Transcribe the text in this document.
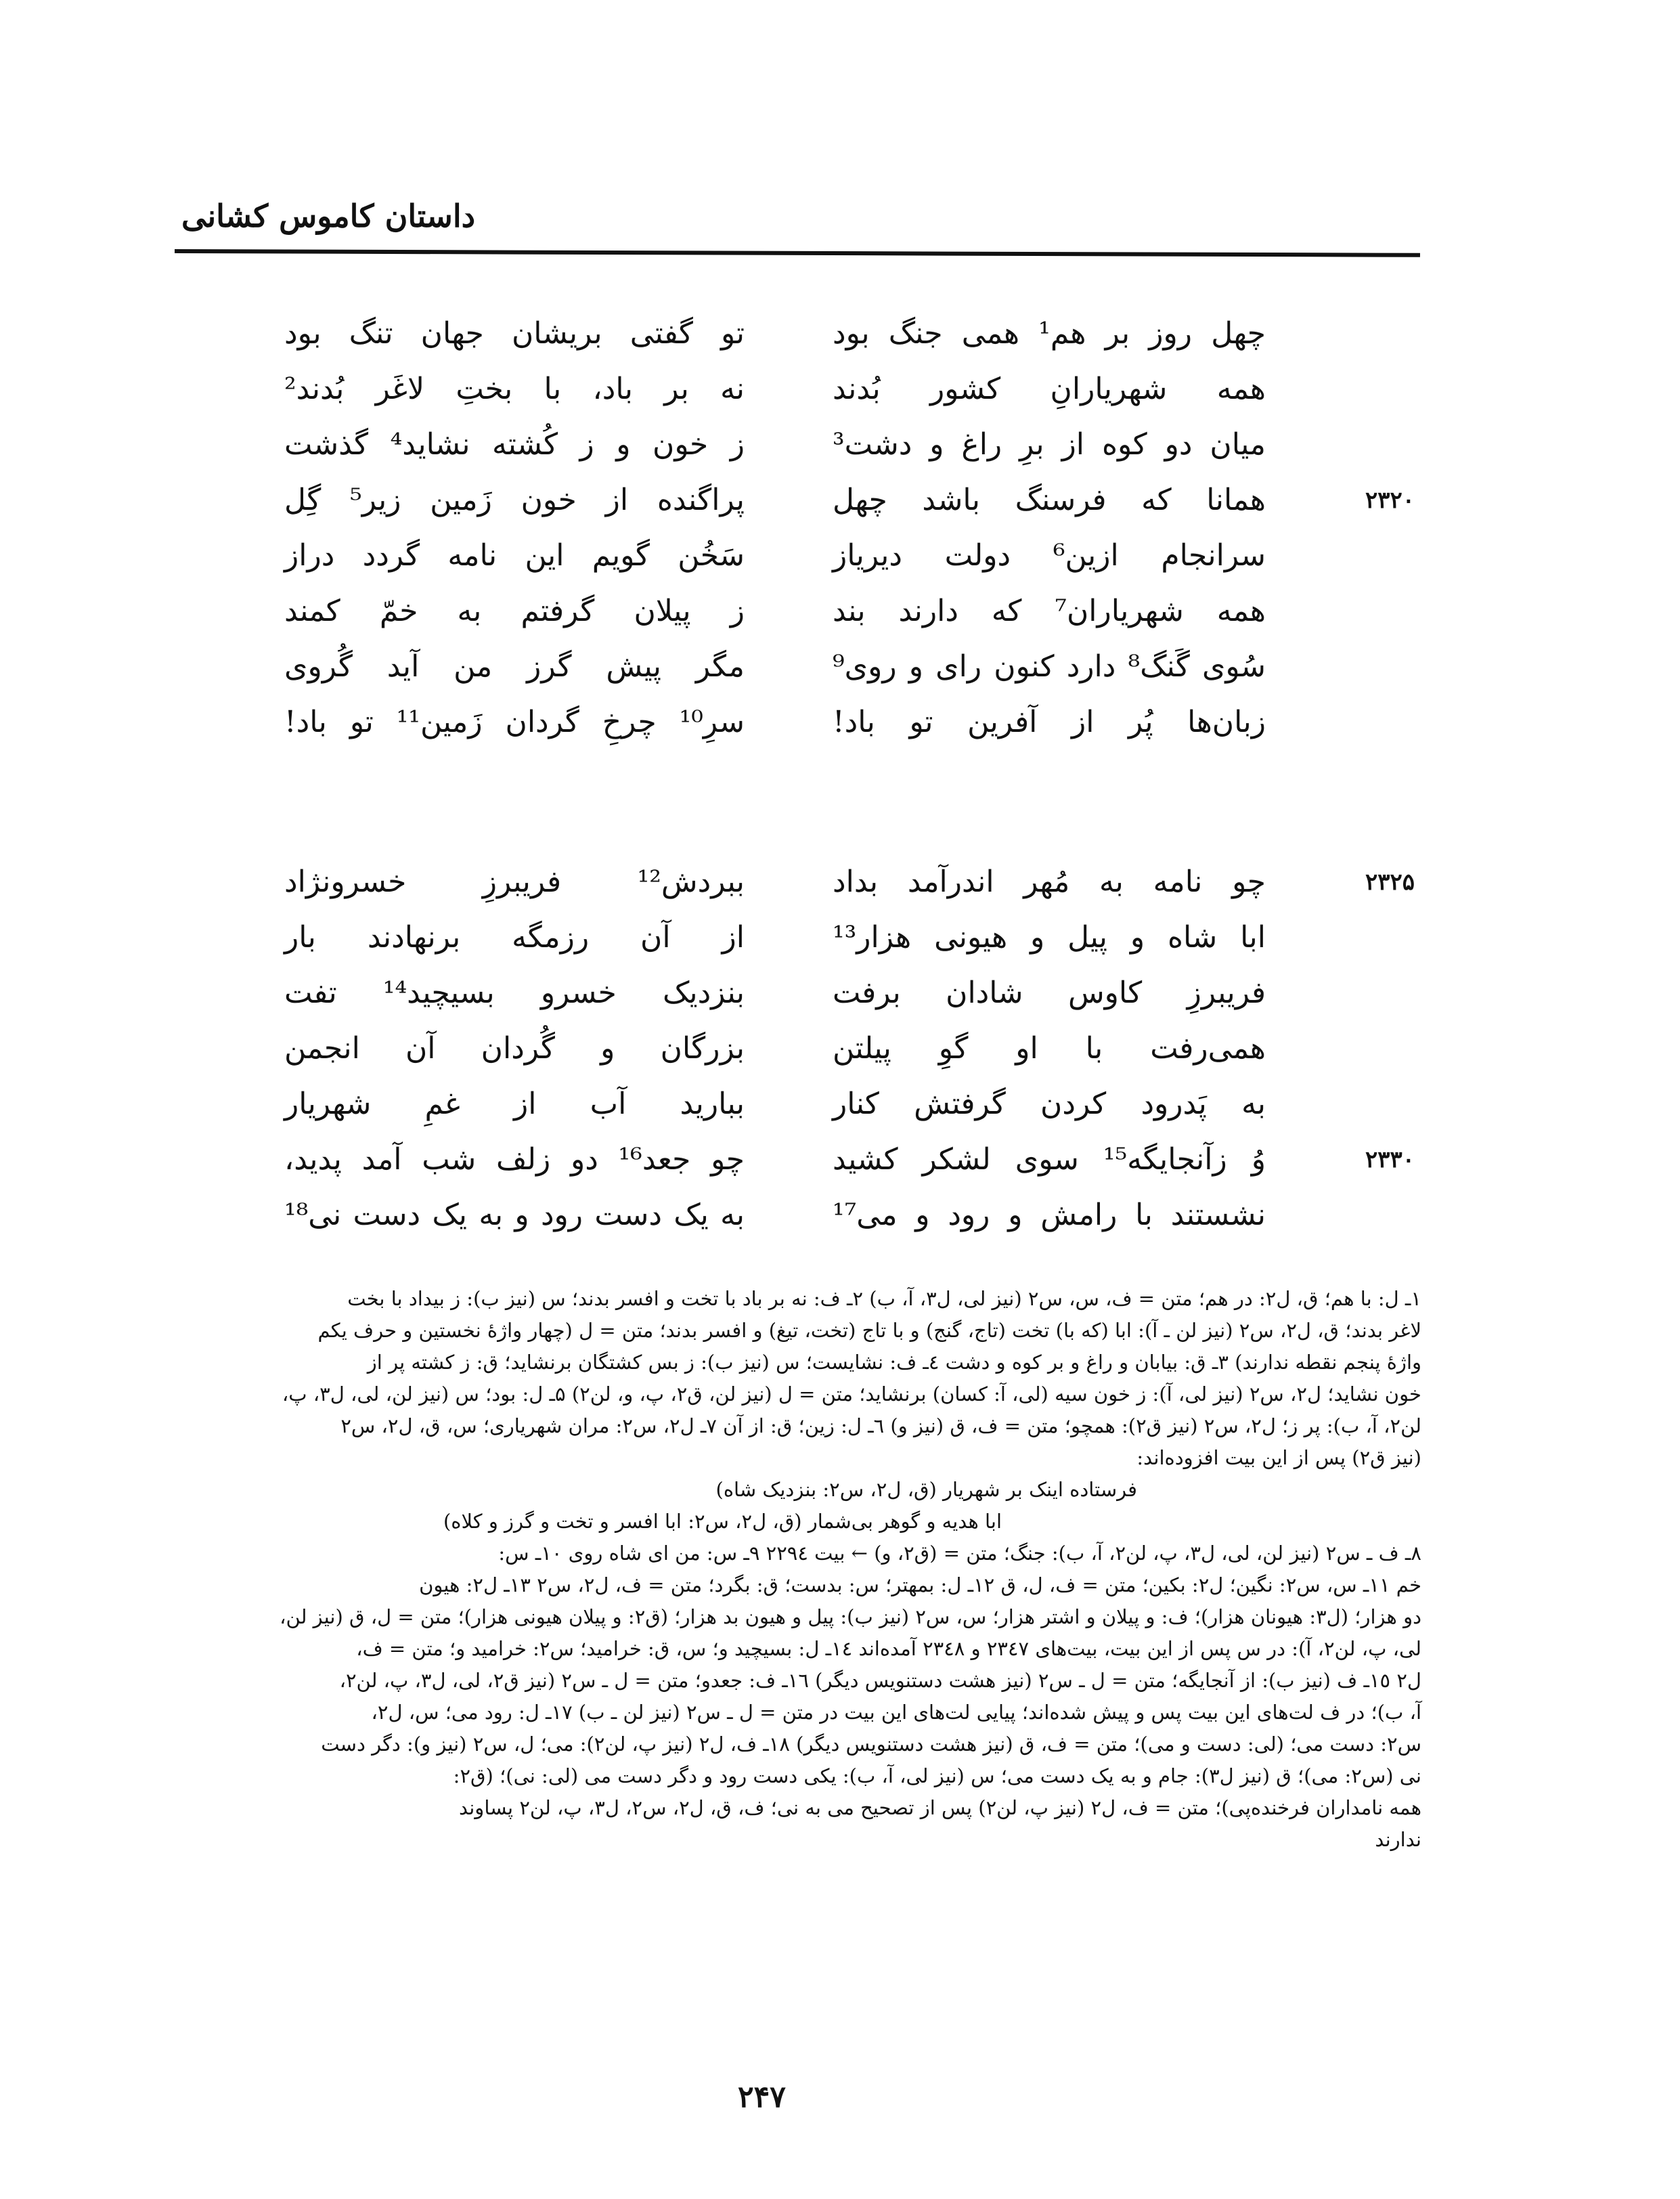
داستان کاموس کشانی
چهل روز بر هم¹ همی جنگ بود
تو گفتی بریشان جهان تنگ بود
همه شهریارانِ کشور بُدند
نه بر باد، با بختِ لاغَر بُدند²
میان دو کوه از برِ راغ و دشت³
ز خون و ز کُشته نشاید⁴ گذشت
۲۳۲۰
همانا که فرسنگ باشد چهل
پراگنده از خون زَمین زیر⁵ گِل
سرانجام ازین⁶ دولت دیریاز
سَخُن گویم این نامه گردد دراز
همه شهریاران⁷ که دارند بند
ز پیلان گرفتم به خمّ کمند
سُوی گَنگ⁸ دارد کنون رای و روی⁹
مگر پیش گرز من آید گُروی
زبان‌ها پُر از آفرین تو باد!
سرِ¹⁰ چرخِ گردان زَمین¹¹ تو باد!
۲۳۲۵
چو نامه به مُهر اندرآمد بداد
ببردش¹² فریبرزِ خسرونژاد
ابا شاه و پیل و هیونی هزار¹³
از آن رزمگه برنهادند بار
فریبرزِ کاوس شادان برفت
بنزدیک خسرو بسیچید¹⁴ تفت
همی‌رفت با او گوِ پیلتن
بزرگان و گُردان آن انجمن
به پَدرود کردن گرفتش کنار
ببارید آب از غمِ شهریار
۲۳۳۰
وُ زآنجایگه¹⁵ سوی لشکر کشید
چو جعد¹⁶ دو زلف شب آمد پدید،
نشستند با رامش و رود و می¹⁷
به یک دست رود و به یک دست نی¹⁸
۱ـ ل: با هم؛ ق، ل۲: در هم؛ متن = ف، س، س۲ (نیز لی، ل۳، آ، ب) ۲ـ ف: نه بر باد با تخت و افسر بدند؛ س (نیز ب): ز بیداد با بخت
لاغر بدند؛ ق، ل۲، س۲ (نیز لن ـ آ): ابا (که با) تخت (تاج، گنج) و با تاج (تخت، تیغ) و افسر بدند؛ متن = ل (چهار واژهٔ نخستین و حرف یکم
واژهٔ پنجم نقطه ندارند) ۳ـ ق: بیابان و راغ و بر کوه و دشت ٤ـ ف: نشایست؛ س (نیز ب): ز بس کشتگان برنشاید؛ ق: ز کشته پر از
خون نشاید؛ ل۲، س۲ (نیز لی، آ): ز خون سیه (لی، آ: کسان) برنشاید؛ متن = ل (نیز لن، ق۲، پ، و، لن۲) ۵ـ ل: بود؛ س (نیز لن، لی، ل۳، پ،
لن۲، آ، ب): پر ز؛ ل۲، س۲ (نیز ق۲): همچو؛ متن = ف، ق (نیز و) ٦ـ ل: زین؛ ق: از آن ۷ـ ل۲، س۲: مران شهریاری؛ س، ق، ل۲، س۲
(نیز ق۲) پس از این بیت افزوده‌اند:
فرستاده اینک بر شهریار (ق، ل۲، س۲: بنزدیک شاه)
ابا هدیه و گوهر بی‌شمار (ق، ل۲، س۲: ابا افسر و تخت و گرز و کلاه)
۸ـ ف ـ س۲ (نیز لن، لی، ل۳، پ، لن۲، آ، ب): جنگ؛ متن = (ق۲، و) ← بیت ۲۲۹٤ ۹ـ س: من ای شاه روی ۱۰ـ س:
خم ۱۱ـ س، س۲: نگین؛ ل۲: بکین؛ متن = ف، ل، ق ۱۲ـ ل: بمهتر؛ س: بدست؛ ق: بگرد؛ متن = ف، ل۲، س۲ ۱۳ـ ل۲: هیون
دو هزار؛ (ل۳: هیونان هزار)؛ ف: و پیلان و اشتر هزار؛ س، س۲ (نیز ب): پیل و هیون بد هزار؛ (ق۲: و پیلان هیونی هزار)؛ متن = ل، ق (نیز لن،
لی، پ، لن۲، آ): در س پس از این بیت، بیت‌های ۲۳٤۷ و ۲۳٤۸ آمده‌اند ١٤ـ ل: بسیچید و؛ س، ق: خرامید؛ س۲: خرامید و؛ متن = ف،
ل۲ ١٥ـ ف (نیز ب): از آنجایگه؛ متن = ل ـ س۲ (نیز هشت دستنویس دیگر) ١٦ـ ف: جعدو؛ متن = ل ـ س۲ (نیز ق۲، لی، ل۳، پ، لن۲،
آ، ب)؛ در ف لت‌های این بیت پس و پیش شده‌اند؛ پیایی لت‌های این بیت در متن = ل ـ س۲ (نیز لن ـ ب) ۱۷ـ ل: رود می؛ س، ل۲،
س۲: دست می؛ (لی: دست و می)؛ متن = ف، ق (نیز هشت دستنویس دیگر) ۱۸ـ ف، ل۲ (نیز پ، لن۲): می؛ ل، س۲ (نیز و): دگر دست
نی (س۲: می)؛ ق (نیز ل۳): جام و به یک دست می؛ س (نیز لی، آ، ب): یکی دست رود و دگر دست می (لی: نی)؛ (ق۲:
همه نامداران فرخنده‌پی)؛ متن = ف، ل۲ (نیز پ، لن۲) پس از تصحیح می به نی؛ ف، ق، ل۲، س۲، ل۳، پ، لن۲ پساوند
ندارند
۲۴۷
